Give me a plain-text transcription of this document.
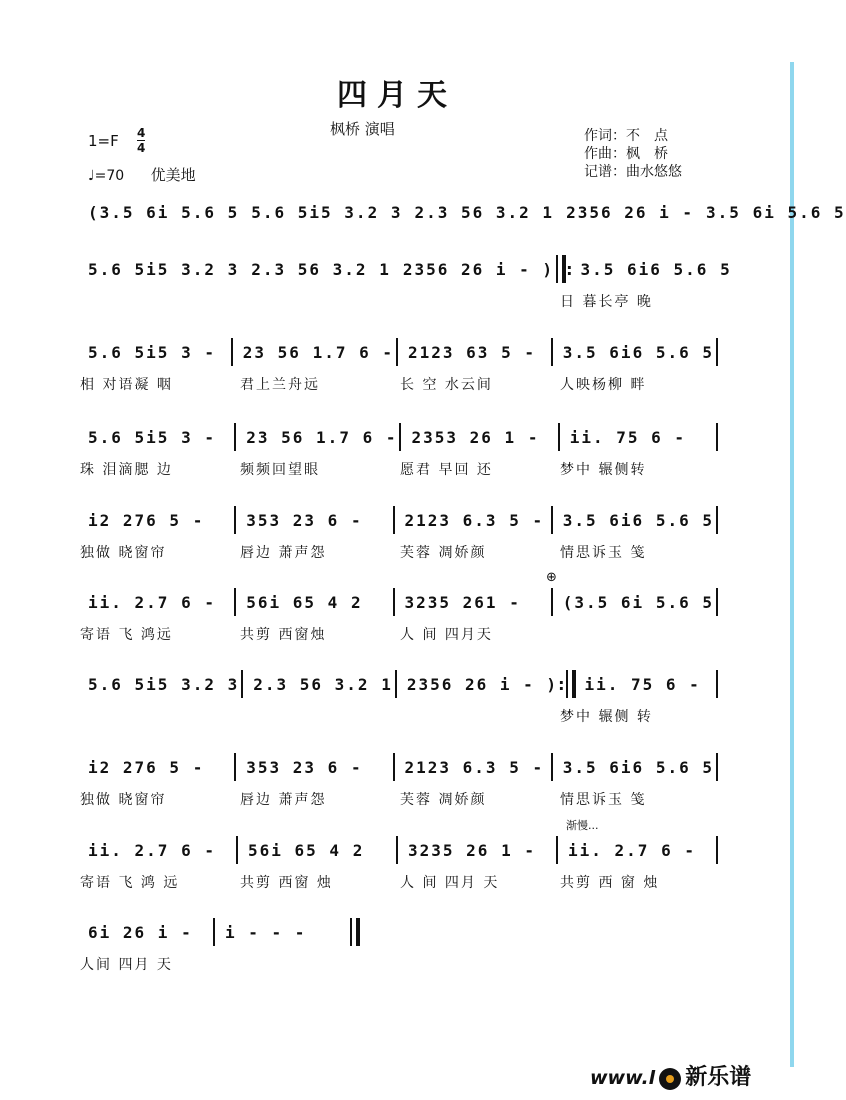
四月天
枫桥 演唱	作词：不　点
作曲：枫　桥
记谱：曲水悠悠
1=F 4
4
♩=70 优美地
(3.5 6i 5.6 5 5.6 5i5 3.2 3 2.3 56 3.2 1 2356 26 i - 3.5 6i 5.6 5
5.6 5i5 3.2 3 2.3 56 3.2 1 2356 26 i - ) : 3.5 6i6 5.6 5
日 暮长亭 晚
5.6 5i5 3 -	23 56 1.7 6 - 2123 63 5 -	3.5 6i6 5.6 5
相 对语凝 咽	君上兰舟远	长 空 水云间	人映杨柳 畔
5.6 5i5 3 -	23 56 1.7 6 - 2353 26 1 -	ii. 75 6 -
珠 泪滴腮 边	频频回望眼	愿君 早回 还	梦中 辗侧转
i2 276 5 -	353 23 6 -	2123 6.3 5 -	3.5 6i6 5.6 5
独做 晓窗帘	唇边 萧声怨	芙蓉 凋娇颜	情思诉玉 笺
⊕
ii. 2.7 6 -	56i 65 4 2	3235 261 -	(3.5 6i 5.6 5
寄语 飞 鸿远	共剪 西窗烛	人 间 四月天
5.6 5i5 3.2 3 2.3 56 3.2 1 2356 26 i - ) :	ii. 75 6 -
梦中 辗侧 转
i2 276 5 -	353 23 6 -	2123 6.3 5 -	3.5 6i6 5.6 5
独做 晓窗帘	唇边 萧声怨	芙蓉 凋娇颜	情思诉玉 笺
渐慢...
ii. 2.7 6 -	56i 65 4 2	3235 26 1 -	ii. 2.7 6 -
寄语 飞 鸿 远	共剪 西窗 烛	人 间 四月 天	共剪 西 窗 烛
6i 26 i -	i - - -
人间 四月 天
www.l 新乐谱
